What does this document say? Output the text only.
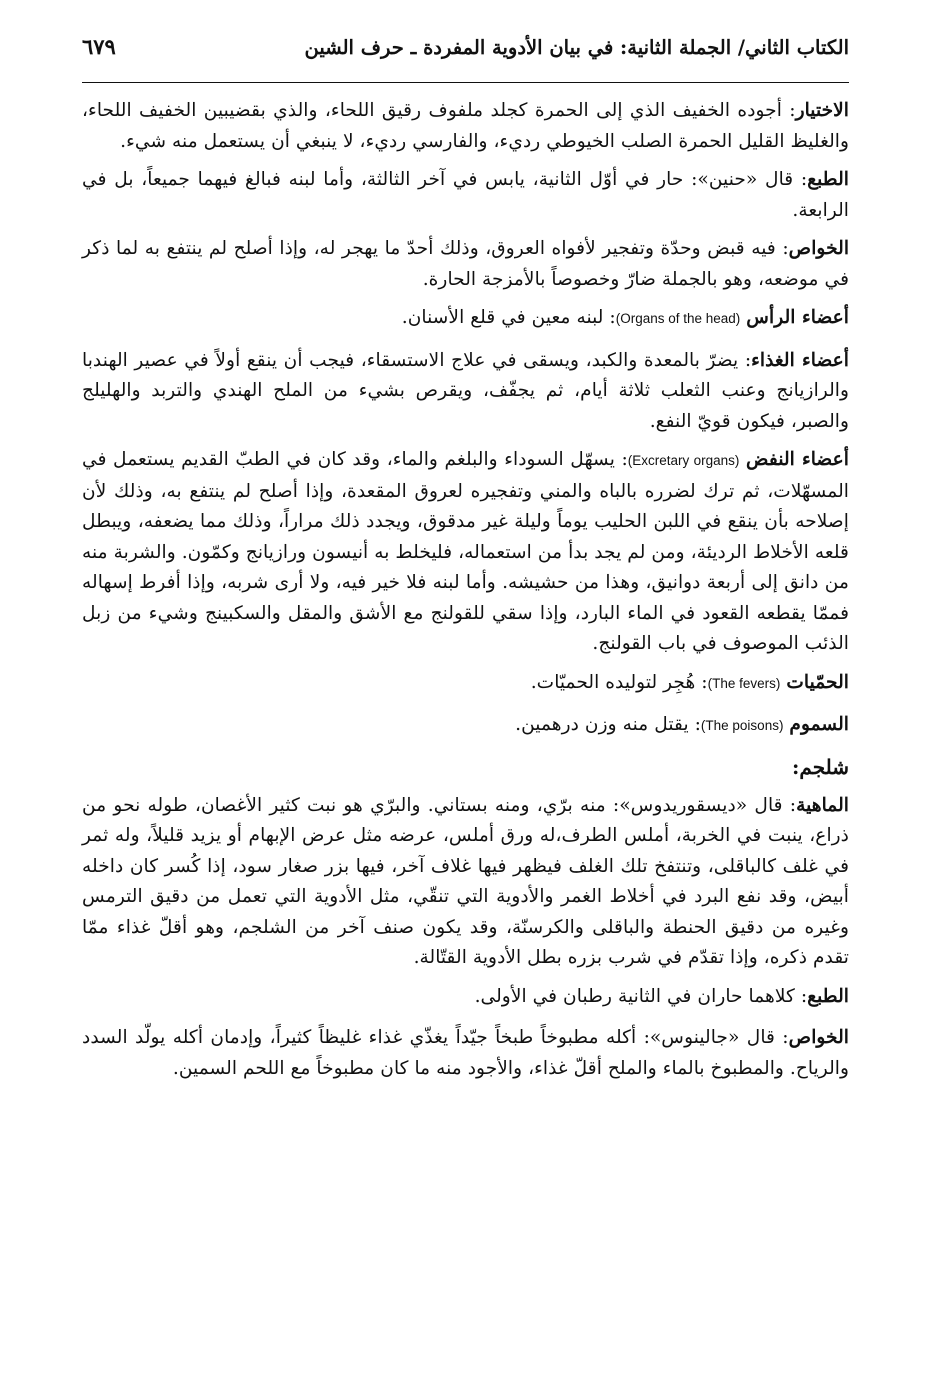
الكتاب الثاني/ الجملة الثانية: في بيان الأدوية المفردة ـ حرف الشين
٦٧٩

الاختيار: أجوده الخفيف الذي إلى الحمرة كجلد ملفوف رقيق اللحاء، والذي بقضيبين الخفيف اللحاء، والغليظ القليل الحمرة الصلب الخيوطي رديء، والفارسي رديء، لا ينبغي أن يستعمل منه شيء.

الطبع: قال «حنين»: حار في أوّل الثانية، يابس في آخر الثالثة، وأما لبنه فبالغ فيهما جميعاً، بل في الرابعة.

الخواص: فيه قبض وحدّة وتفجير لأفواه العروق، وذلك أحدّ ما يهجر له، وإذا أصلح لم ينتفع به لما ذكر في موضعه، وهو بالجملة ضارّ وخصوصاً بالأمزجة الحارة.

أعضاء الرأس (Organs of the head): لبنه معين في قلع الأسنان.

أعضاء الغذاء: يضرّ بالمعدة والكبد، ويسقى في علاج الاستسقاء، فيجب أن ينقع أولاً في عصير الهندبا والرازيانج وعنب الثعلب ثلاثة أيام، ثم يجفّف، ويقرص بشيء من الملح الهندي والتربد والهليلج والصبر، فيكون قويّ النفع.

أعضاء النفض (Excretary organs): يسهّل السوداء والبلغم والماء، وقد كان في الطبّ القديم يستعمل في المسهّلات، ثم ترك لضرره بالباه والمني وتفجيره لعروق المقعدة، وإذا أصلح لم ينتفع به، وذلك لأن إصلاحه بأن ينقع في اللبن الحليب يوماً وليلة غير مدقوق، ويجدد ذلك مراراً، وذلك مما يضعفه، ويبطل قلعه الأخلاط الرديئة، ومن لم يجد بدأ من استعماله، فليخلط به أنيسون ورازيانج وكمّون. والشربة منه من دانق إلى أربعة دوانيق، وهذا من حشيشه. وأما لبنه فلا خير فيه، ولا أرى شربه، وإذا أفرط إسهاله فممّا يقطعه القعود في الماء البارد، وإذا سقي للقولنج مع الأشق والمقل والسكبينج وشيء من زبل الذئب الموصوف في باب القولنج.

الحمّيات (The fevers): هُجِر لتوليده الحميّات.

السموم (The poisons): يقتل منه وزن درهمين.

شلجم:

الماهية: قال «ديسقوريدوس»: منه برّي، ومنه بستاني. والبرّي هو نبت كثير الأغصان، طوله نحو من ذراع، ينبت في الخربة، أملس الطرف،له ورق أملس، عرضه مثل عرض الإبهام أو يزيد قليلاً، وله ثمر في غلف كالباقلى، وتنتفخ تلك الغلف فيظهر فيها غلاف آخر، فيها بزر صغار سود، إذا كُسر كان داخله أبيض، وقد نفع البرد في أخلاط الغمر والأدوية التي تنقّي، مثل الأدوية التي تعمل من دقيق الترمس وغيره من دقيق الحنطة والباقلى والكرسنّة، وقد يكون صنف آخر من الشلجم، وهو أقلّ غذاء ممّا تقدم ذكره، وإذا تقدّم في شرب بزره بطل الأدوية القتّالة.

الطبع: كلاهما حاران في الثانية رطبان في الأولى.

الخواص: قال «جالينوس»: أكله مطبوخاً طبخاً جيّداً يغذّي غذاء غليظاً كثيراً، وإدمان أكله يولّد السدد والرياح. والمطبوخ بالماء والملح أقلّ غذاء، والأجود منه ما كان مطبوخاً مع اللحم السمين.
